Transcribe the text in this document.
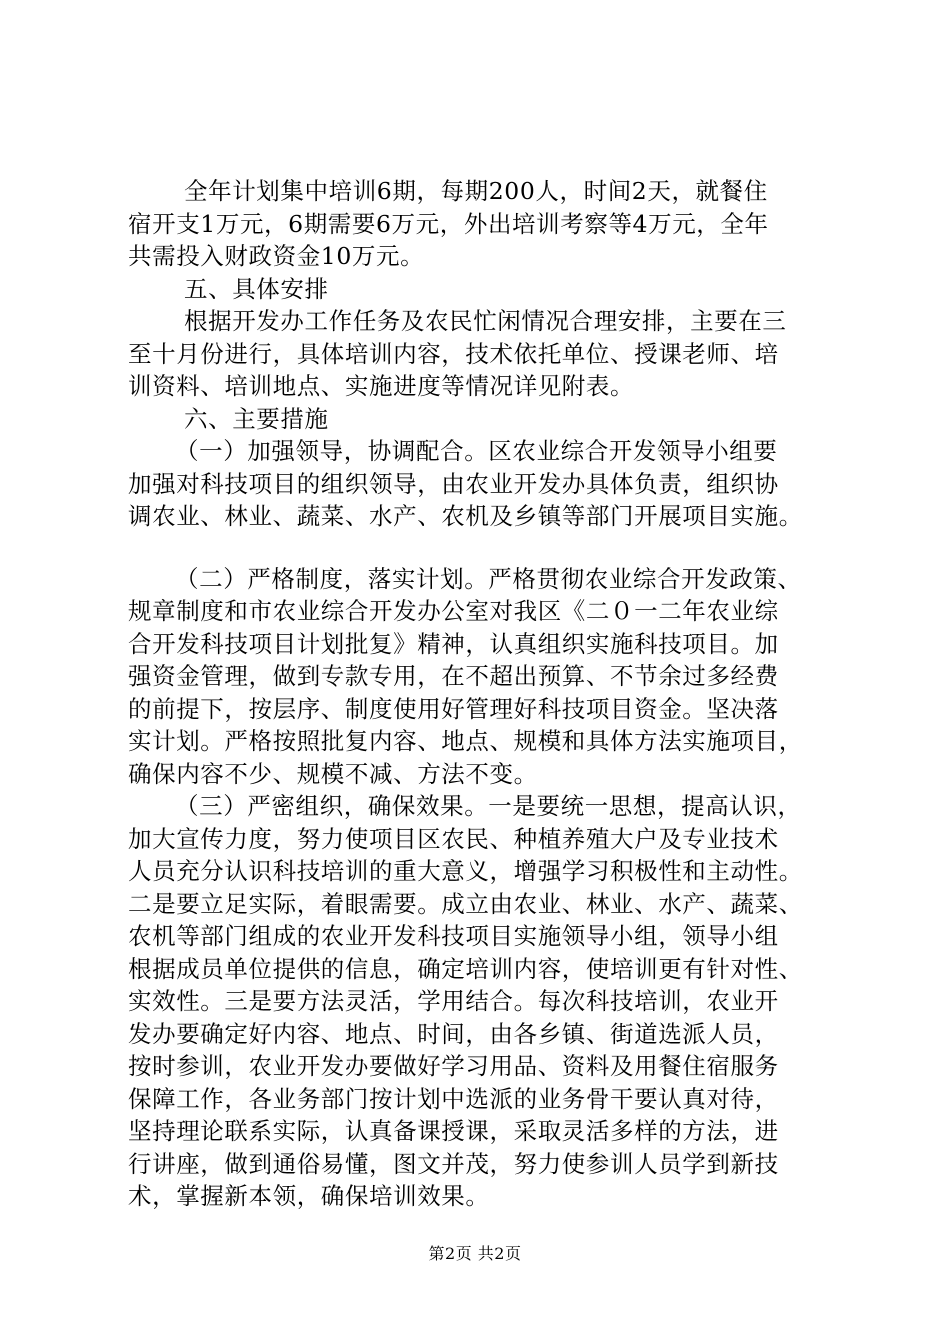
全年计划集中培训6期，每期200人，时间2天，就餐住
宿开支1万元，6期需要6万元，外出培训考察等4万元，全年
共需投入财政资金10万元。
五、具体安排
根据开发办工作任务及农民忙闲情况合理安排，主要在三
至十月份进行，具体培训内容，技术依托单位、授课老师、培
训资料、培训地点、实施进度等情况详见附表。
六、主要措施
（一）加强领导，协调配合。区农业综合开发领导小组要
加强对科技项目的组织领导，由农业开发办具体负责，组织协
调农业、林业、蔬菜、水产、农机及乡镇等部门开展项目实施。
（二）严格制度，落实计划。严格贯彻农业综合开发政策、
规章制度和市农业综合开发办公室对我区《二０一二年农业综
合开发科技项目计划批复》精神，认真组织实施科技项目。加
强资金管理，做到专款专用，在不超出预算、不节余过多经费
的前提下，按层序、制度使用好管理好科技项目资金。坚决落
实计划。严格按照批复内容、地点、规模和具体方法实施项目，
确保内容不少、规模不减、方法不变。
（三）严密组织，确保效果。一是要统一思想，提高认识，
加大宣传力度，努力使项目区农民、种植养殖大户及专业技术
人员充分认识科技培训的重大意义，增强学习积极性和主动性。
二是要立足实际，着眼需要。成立由农业、林业、水产、蔬菜、
农机等部门组成的农业开发科技项目实施领导小组，领导小组
根据成员单位提供的信息，确定培训内容，使培训更有针对性、
实效性。三是要方法灵活，学用结合。每次科技培训，农业开
发办要确定好内容、地点、时间，由各乡镇、街道选派人员，
按时参训，农业开发办要做好学习用品、资料及用餐住宿服务
保障工作，各业务部门按计划中选派的业务骨干要认真对待，
坚持理论联系实际，认真备课授课，采取灵活多样的方法，进
行讲座，做到通俗易懂，图文并茂，努力使参训人员学到新技
术，掌握新本领，确保培训效果。
第2页 共2页
